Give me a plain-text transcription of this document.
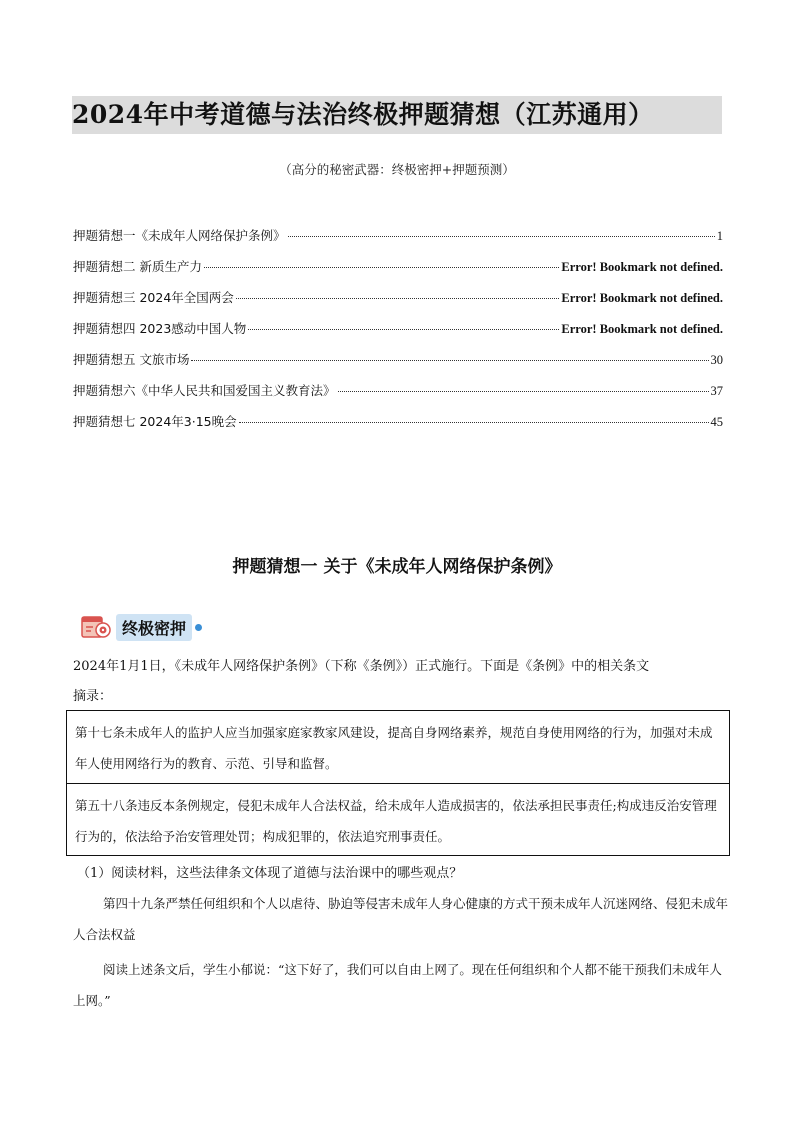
2024年中考道德与法治终极押题猜想（江苏通用）
（高分的秘密武器：终极密押+押题预测）
押题猜想一《未成年人网络保护条例》	1
押题猜想二 新质生产力	Error! Bookmark not defined.
押题猜想三 2024年全国两会	Error! Bookmark not defined.
押题猜想四 2023感动中国人物	Error! Bookmark not defined.
押题猜想五 文旅市场	30
押题猜想六《中华人民共和国爱国主义教育法》	37
押题猜想七 2024年3·15晚会	45
押题猜想一 关于《未成年人网络保护条例》
终极密押
2024年1月1日，《未成年人网络保护条例》（下称《条例》）正式施行。下面是《条例》中的相关条文
摘录：
第十七条未成年人的监护人应当加强家庭家教家风建设，提高自身网络素养，规范自身使用网络的行为，加强对未成年人使用网络行为的教育、示范、引导和监督。
第五十八条违反本条例规定，侵犯未成年人合法权益，给未成年人造成损害的，依法承担民事责任;构成违反治安管理行为的，依法给予治安管理处罚；构成犯罪的，依法追究刑事责任。
（1）阅读材料，这些法律条文体现了道德与法治课中的哪些观点？
第四十九条严禁任何组织和个人以虐待、胁迫等侵害未成年人身心健康的方式干预未成年人沉迷网络、侵犯未成年人合法权益
阅读上述条文后，学生小郁说：“这下好了，我们可以自由上网了。现在任何组织和个人都不能干预我们未成年人上网。”
